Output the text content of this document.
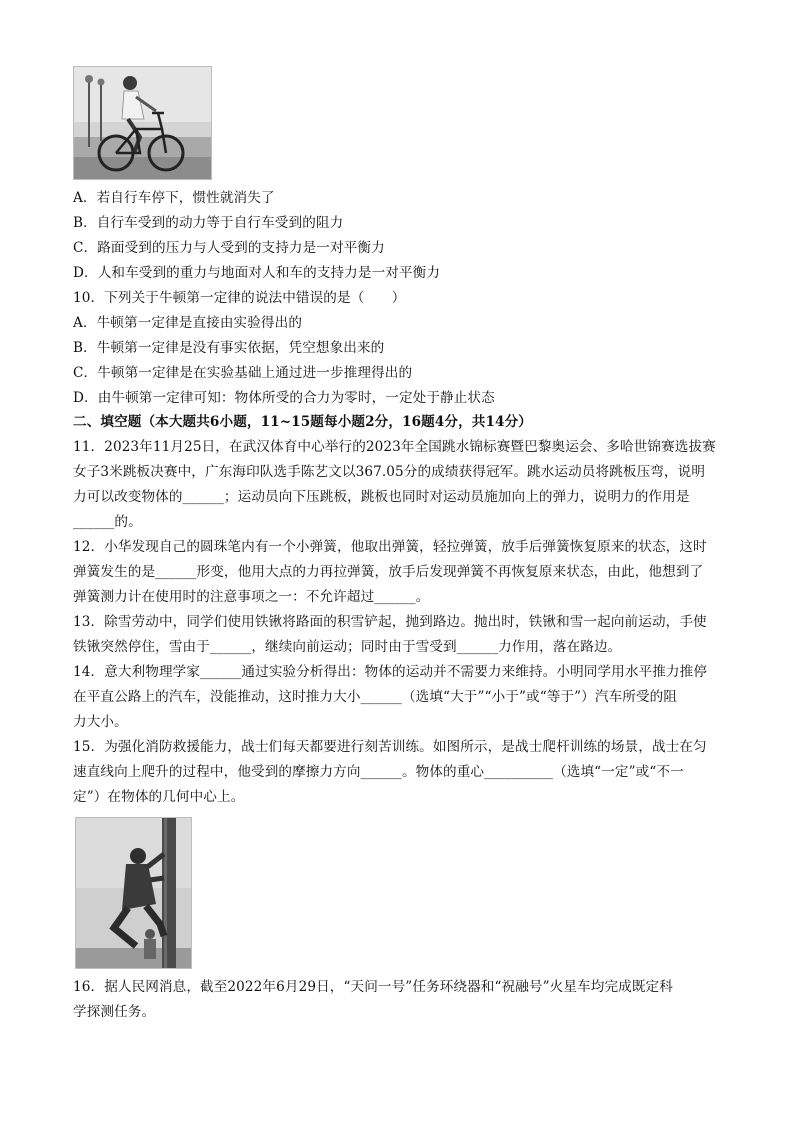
A．若自行车停下，惯性就消失了
B．自行车受到的动力等于自行车受到的阻力
C．路面受到的压力与人受到的支持力是一对平衡力
D．人和车受到的重力与地面对人和车的支持力是一对平衡力
10．下列关于牛顿第一定律的说法中错误的是（　　）
A．牛顿第一定律是直接由实验得出的
B．牛顿第一定律是没有事实依据，凭空想象出来的
C．牛顿第一定律是在实验基础上通过进一步推理得出的
D．由牛顿第一定律可知：物体所受的合力为零时，一定处于静止状态
二、填空题（本大题共6小题，11~15题每小题2分，16题4分，共14分）
11．2023年11月25日，在武汉体育中心举行的2023年全国跳水锦标赛暨巴黎奥运会、多哈世锦赛选拔赛
女子3米跳板决赛中，广东海印队选手陈艺文以367.05分的成绩获得冠军。跳水运动员将跳板压弯，说明
力可以改变物体的______；运动员向下压跳板，跳板也同时对运动员施加向上的弹力，说明力的作用是
______的。
12．小华发现自己的圆珠笔内有一个小弹簧，他取出弹簧，轻拉弹簧，放手后弹簧恢复原来的状态，这时
弹簧发生的是______形变，他用大点的力再拉弹簧，放手后发现弹簧不再恢复原来状态，由此，他想到了
弹簧测力计在使用时的注意事项之一：不允许超过______。
13．除雪劳动中，同学们使用铁锹将路面的积雪铲起，抛到路边。抛出时，铁锹和雪一起向前运动，手使
铁锹突然停住，雪由于______，继续向前运动；同时由于雪受到______力作用，落在路边。
14．意大利物理学家______通过实验分析得出：物体的运动并不需要力来维持。小明同学用水平推力推停
在平直公路上的汽车，没能推动，这时推力大小______（选填“大于”“小于”或“等于”）汽车所受的阻
力大小。
15．为强化消防救援能力，战士们每天都要进行刻苦训练。如图所示，是战士爬杆训练的场景，战士在匀
速直线向上爬升的过程中，他受到的摩擦力方向______。物体的重心__________（选填“一定”或“不一
定”）在物体的几何中心上。
16．据人民网消息，截至2022年6月29日，“天问一号”任务环绕器和“祝融号”火星车均完成既定科
学探测任务。
